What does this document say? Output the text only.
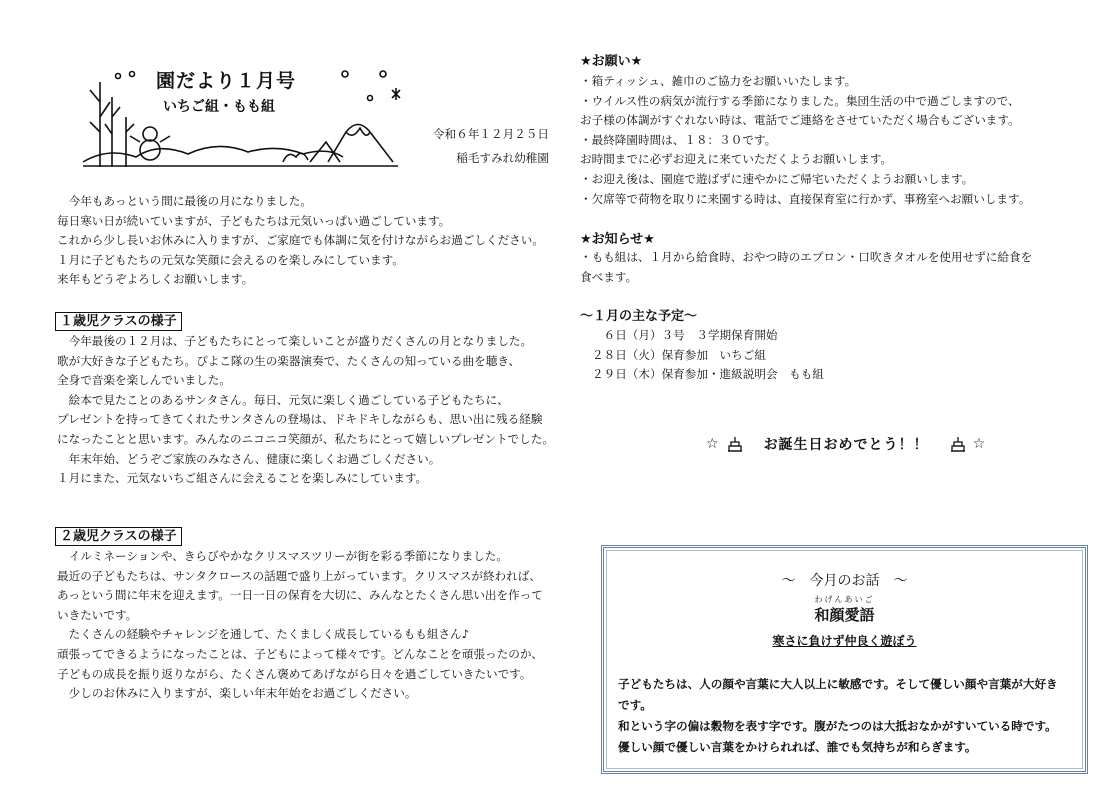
園だより１月号
いちご組・もも組
令和６年１２月２５日
稲毛すみれ幼稚園
　今年もあっという間に最後の月になりました。
毎日寒い日が続いていますが、子どもたちは元気いっぱい過ごしています。
これから少し長いお休みに入りますが、ご家庭でも体調に気を付けながらお過ごしください。
１月に子どもたちの元気な笑顔に会えるのを楽しみにしています。
来年もどうぞよろしくお願いします。
１歳児クラスの様子
　今年最後の１２月は、子どもたちにとって楽しいことが盛りだくさんの月となりました。
歌が大好きな子どもたち。ぴよこ隊の生の楽器演奏で、たくさんの知っている曲を聴き、
全身で音楽を楽しんでいました。
　絵本で見たことのあるサンタさん。毎日、元気に楽しく過ごしている子どもたちに、
プレゼントを持ってきてくれたサンタさんの登場は、ドキドキしながらも、思い出に残る経験
になったことと思います。みんなのニコニコ笑顔が、私たちにとって嬉しいプレゼントでした。
　年末年始、どうぞご家族のみなさん、健康に楽しくお過ごしください。
１月にまた、元気ないちご組さんに会えることを楽しみにしています。
２歳児クラスの様子
　イルミネーションや、きらびやかなクリスマスツリーが街を彩る季節になりました。
最近の子どもたちは、サンタクロースの話題で盛り上がっています。クリスマスが終われば、
あっという間に年末を迎えます。一日一日の保育を大切に、みんなとたくさん思い出を作って
いきたいです。
　たくさんの経験やチャレンジを通して、たくましく成長しているもも組さん♪
頑張ってできるようになったことは、子どもによって様々です。どんなことを頑張ったのか、
子どもの成長を振り返りながら、たくさん褒めてあげながら日々を過ごしていきたいです。
　少しのお休みに入りますが、楽しい年末年始をお過ごしください。
★お願い★
・箱ティッシュ、雑巾のご協力をお願いいたします。
・ウイルス性の病気が流行する季節になりました。集団生活の中で過ごしますので、
お子様の体調がすぐれない時は、電話でご連絡をさせていただく場合もございます。
・最終降園時間は、１８：３０です。
お時間までに必ずお迎えに来ていただくようお願いします。
・お迎え後は、園庭で遊ばずに速やかにご帰宅いただくようお願いします。
・欠席等で荷物を取りに来園する時は、直接保育室に行かず、事務室へお願いします。
★お知らせ★
・もも組は、１月から給食時、おやつ時のエプロン・口吹きタオルを使用せずに給食を
食べます。
～１月の主な予定～
　６日（月）３号　３学期保育開始
２８日（火）保育参加　いちご組
２９日（木）保育参加・進級説明会　もも組
☆	お誕生日おめでとう！！	☆
～　今月のお話　～
わげんあいご
和顔愛語
寒さに負けず仲良く遊ぼう
子どもたちは、人の顔や言葉に大人以上に敏感です。そして優しい顔や言葉が大好き
です。
和という字の偏は穀物を表す字です。腹がたつのは大抵おなかがすいている時です。
優しい顔で優しい言葉をかけられれば、誰でも気持ちが和らぎます。
